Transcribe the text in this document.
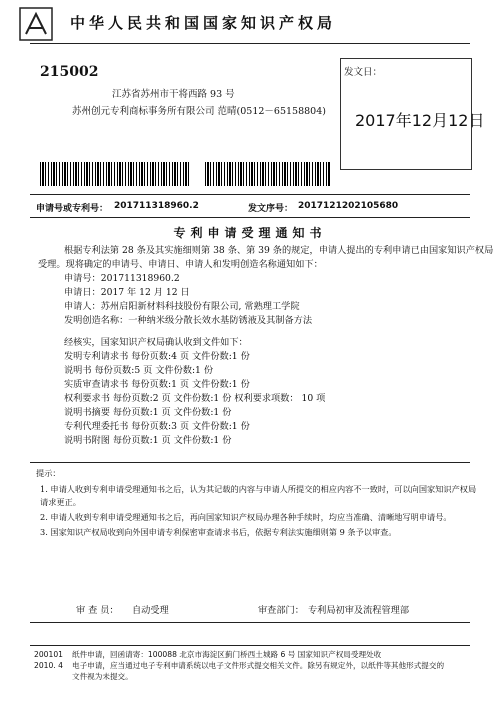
中华人民共和国国家知识产权局
215002
江苏省苏州市干将西路 93 号
苏州创元专利商标事务所有限公司 范晴(0512－65158804)
发文日：
2017年12月12日
申请号或专利号： 201711318960.2	发文序号： 2017121202105680
专利申请受理通知书
根据专利法第 28 条及其实施细则第 38 条、第 39 条的规定，申请人提出的专利申请已由国家知识产权局
受理。现将确定的申请号、申请日、申请人和发明创造名称通知如下：
申请号：201711318960.2
申请日：2017 年 12 月 12 日
申请人：苏州启阳新材料科技股份有限公司, 常熟理工学院
发明创造名称：一种纳米级分散长效水基防锈液及其制备方法
经核实，国家知识产权局确认收到文件如下：
发明专利请求书 每份页数:4 页 文件份数:1 份
说明书 每份页数:5 页 文件份数:1 份
实质审查请求书 每份页数:1 页 文件份数:1 份
权利要求书 每份页数:2 页 文件份数:1 份 权利要求项数： 10 项
说明书摘要 每份页数:1 页 文件份数:1 份
专利代理委托书 每份页数:3 页 文件份数:1 份
说明书附图 每份页数:1 页 文件份数:1 份
提示：
1. 申请人收到专利申请受理通知书之后，认为其记载的内容与申请人所提交的相应内容不一致时，可以向国家知识产权局
请求更正。
2. 申请人收到专利申请受理通知书之后，再向国家知识产权局办理各种手续时，均应当准确、清晰地写明申请号。
3. 国家知识产权局收到向外国申请专利保密审查请求书后，依据专利法实施细则第 9 条予以审查。
审 查 员： 自动受理	审查部门： 专利局初审及流程管理部
200101 纸件申请，回函请寄：100088 北京市海淀区蓟门桥西土城路 6 号 国家知识产权局受理处收
2010. 4 电子申请，应当通过电子专利申请系统以电子文件形式提交相关文件。除另有规定外，以纸件等其他形式提交的
文件视为未提交。
